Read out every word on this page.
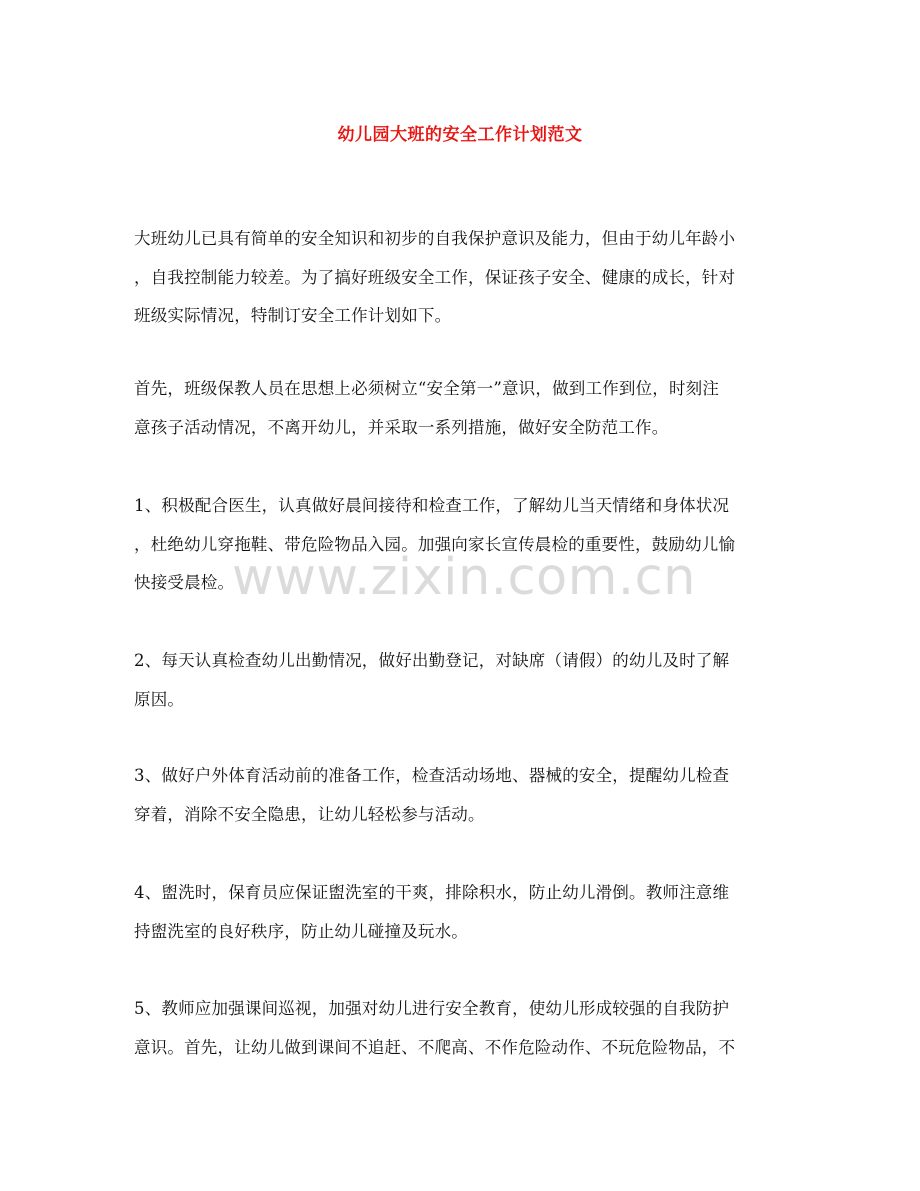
幼儿园大班的安全工作计划范文
大班幼儿已具有简单的安全知识和初步的自我保护意识及能力，但由于幼儿年龄小
，自我控制能力较差。为了搞好班级安全工作，保证孩子安全、健康的成长，针对
班级实际情况，特制订安全工作计划如下。
首先，班级保教人员在思想上必须树立“安全第一”意识，做到工作到位，时刻注
意孩子活动情况，不离开幼儿，并采取一系列措施，做好安全防范工作。
1、积极配合医生，认真做好晨间接待和检查工作，了解幼儿当天情绪和身体状况
，杜绝幼儿穿拖鞋、带危险物品入园。加强向家长宣传晨检的重要性，鼓励幼儿愉
快接受晨检。
2、每天认真检查幼儿出勤情况，做好出勤登记，对缺席（请假）的幼儿及时了解
原因。
3、做好户外体育活动前的准备工作，检查活动场地、器械的安全，提醒幼儿检查
穿着，消除不安全隐患，让幼儿轻松参与活动。
4、盥洗时，保育员应保证盥洗室的干爽，排除积水，防止幼儿滑倒。教师注意维
持盥洗室的良好秩序，防止幼儿碰撞及玩水。
5、教师应加强课间巡视，加强对幼儿进行安全教育，使幼儿形成较强的自我防护
意识。首先，让幼儿做到课间不追赶、不爬高、不作危险动作、不玩危险物品，不
www.zixin.com.cn
